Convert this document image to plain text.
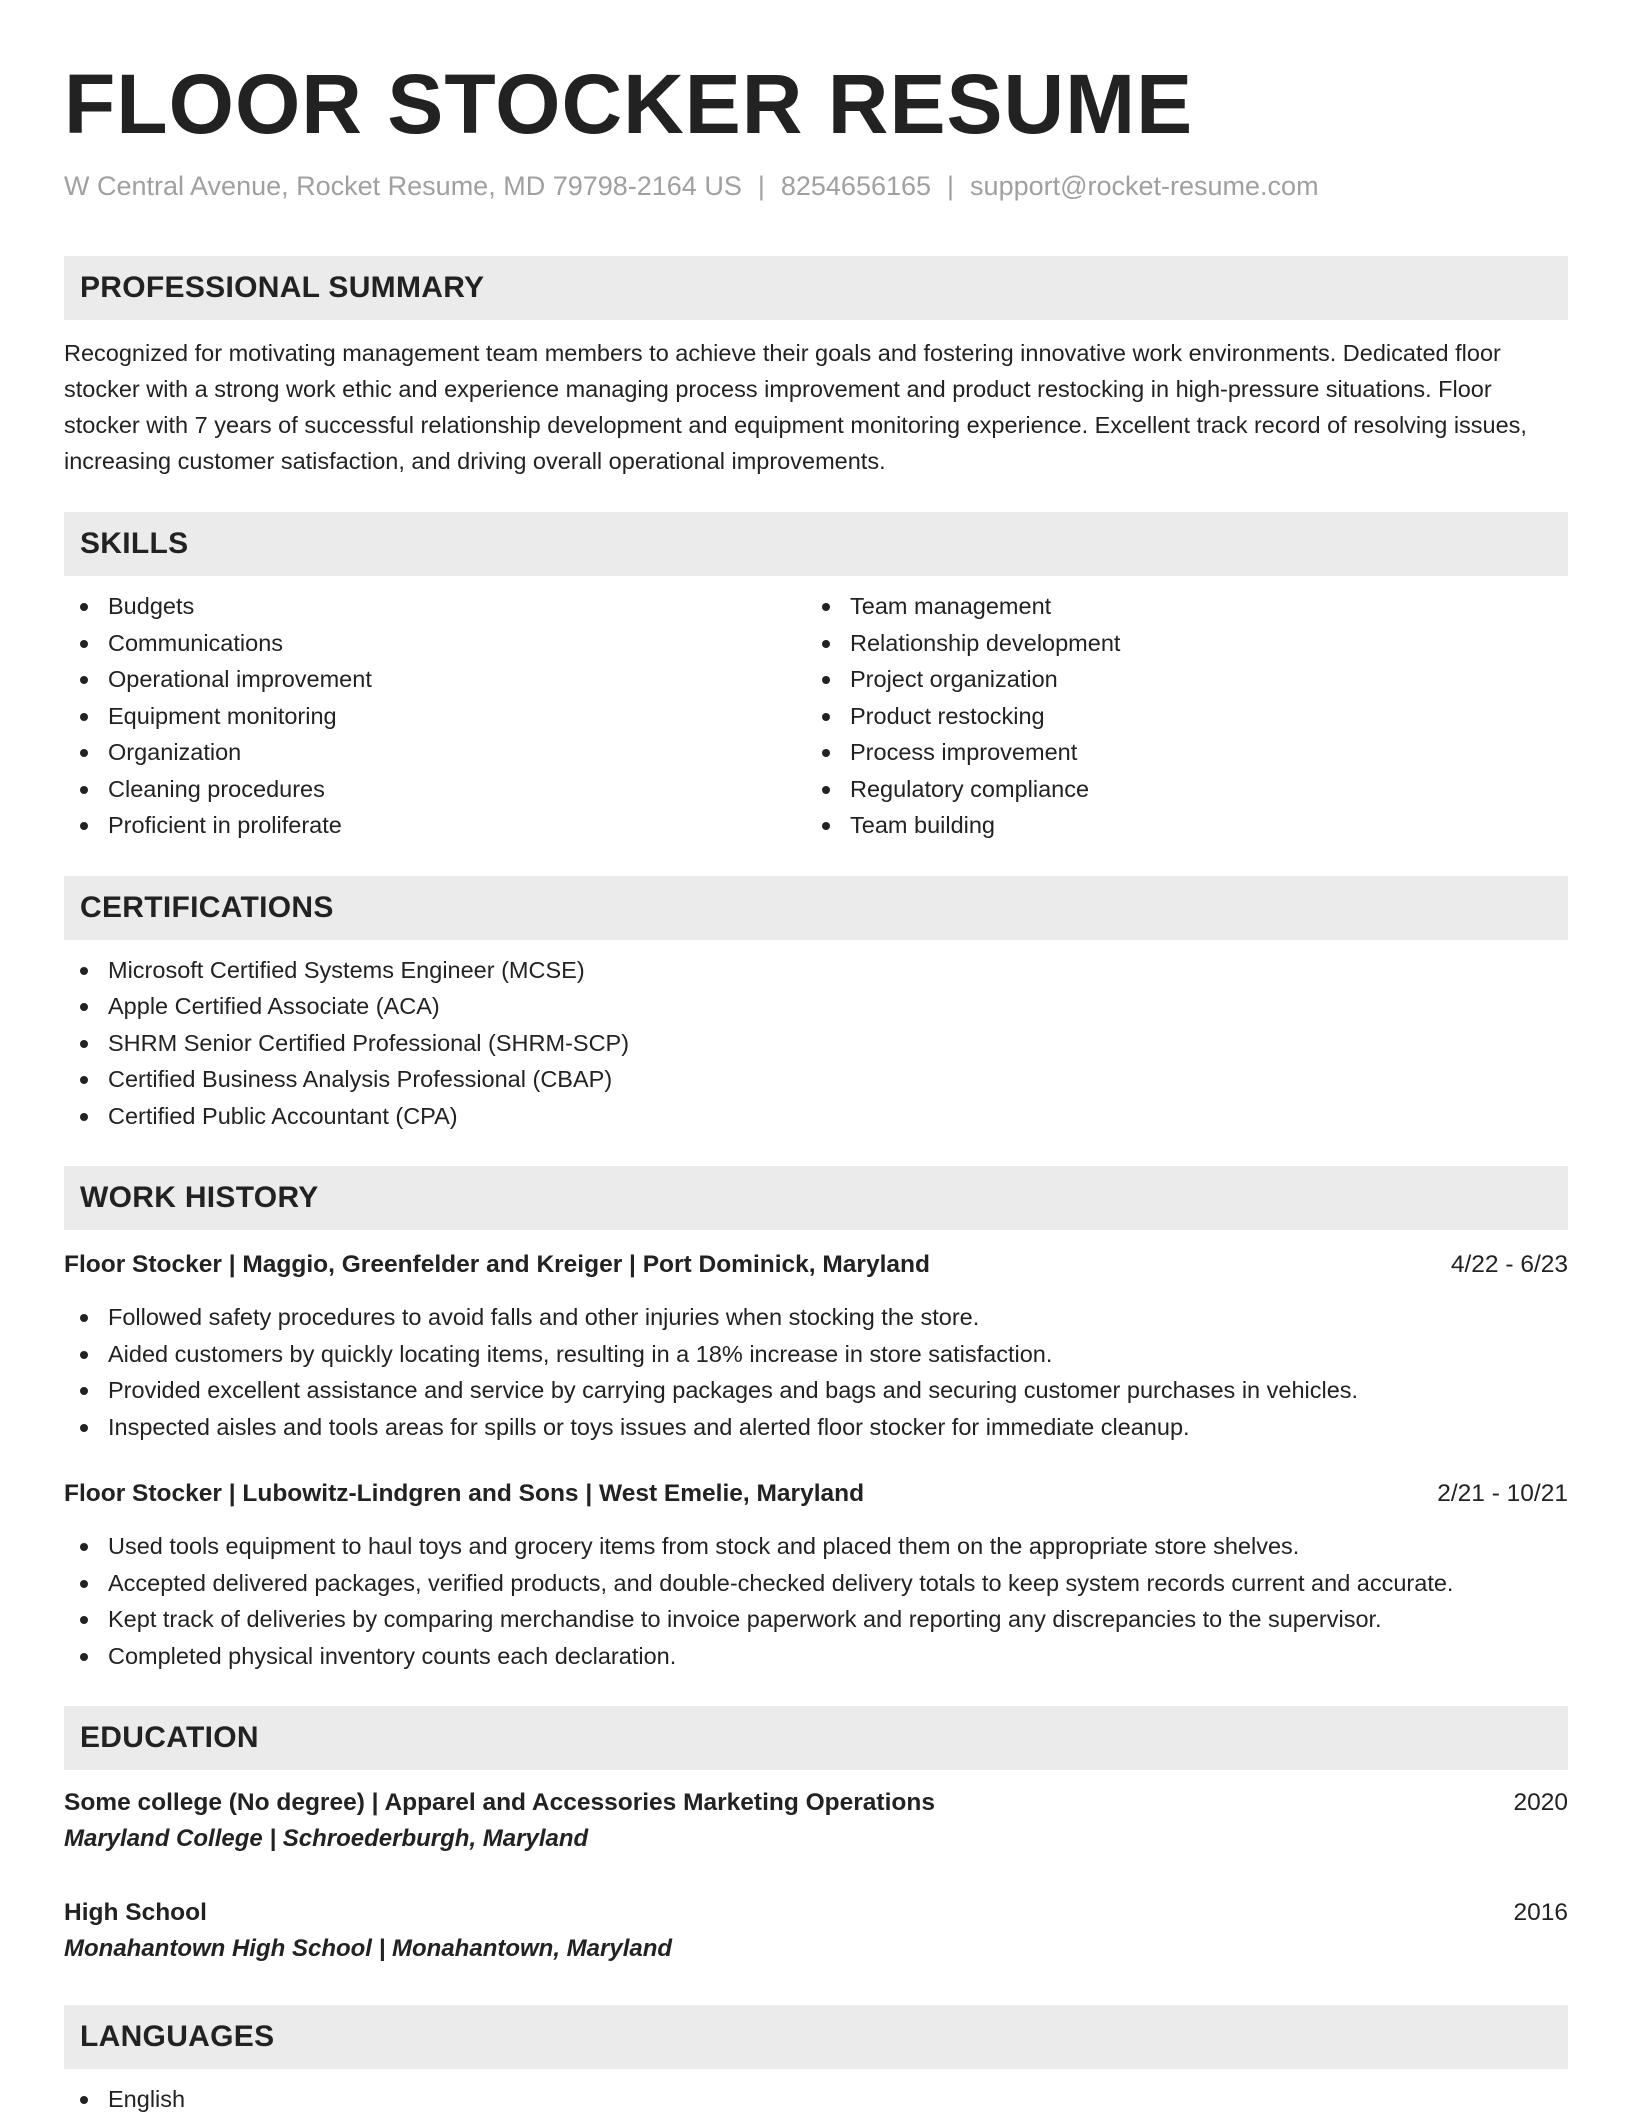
FLOOR STOCKER RESUME
W Central Avenue, Rocket Resume, MD 79798-2164 US | 8254656165 | support@rocket-resume.com
PROFESSIONAL SUMMARY

Recognized for motivating management team members to achieve their goals and fostering innovative work environments. Dedicated floor stocker with a strong work ethic and experience managing process improvement and product restocking in high-pressure situations. Floor stocker with 7 years of successful relationship development and equipment monitoring experience. Excellent track record of resolving issues, increasing customer satisfaction, and driving overall operational improvements.

SKILLS
Budgets
Communications
Operational improvement
Equipment monitoring
Organization
Cleaning procedures
Proficient in proliferate
Team management
Relationship development
Project organization
Product restocking
Process improvement
Regulatory compliance
Team building
CERTIFICATIONS
Microsoft Certified Systems Engineer (MCSE)
Apple Certified Associate (ACA)
SHRM Senior Certified Professional (SHRM-SCP)
Certified Business Analysis Professional (CBAP)
Certified Public Accountant (CPA)
WORK HISTORY
Floor Stocker | Maggio, Greenfelder and Kreiger | Port Dominick, Maryland	4/22 - 6/23
Followed safety procedures to avoid falls and other injuries when stocking the store.
Aided customers by quickly locating items, resulting in a 18% increase in store satisfaction.
Provided excellent assistance and service by carrying packages and bags and securing customer purchases in vehicles.
Inspected aisles and tools areas for spills or toys issues and alerted floor stocker for immediate cleanup.
Floor Stocker | Lubowitz-Lindgren and Sons | West Emelie, Maryland	2/21 - 10/21
Used tools equipment to haul toys and grocery items from stock and placed them on the appropriate store shelves.
Accepted delivered packages, verified products, and double-checked delivery totals to keep system records current and accurate.
Kept track of deliveries by comparing merchandise to invoice paperwork and reporting any discrepancies to the supervisor.
Completed physical inventory counts each declaration.
EDUCATION
Some college (No degree) | Apparel and Accessories Marketing Operations	2020
Maryland College | Schroederburgh, Maryland
High School	2016
Monahantown High School | Monahantown, Maryland
LANGUAGES
English
